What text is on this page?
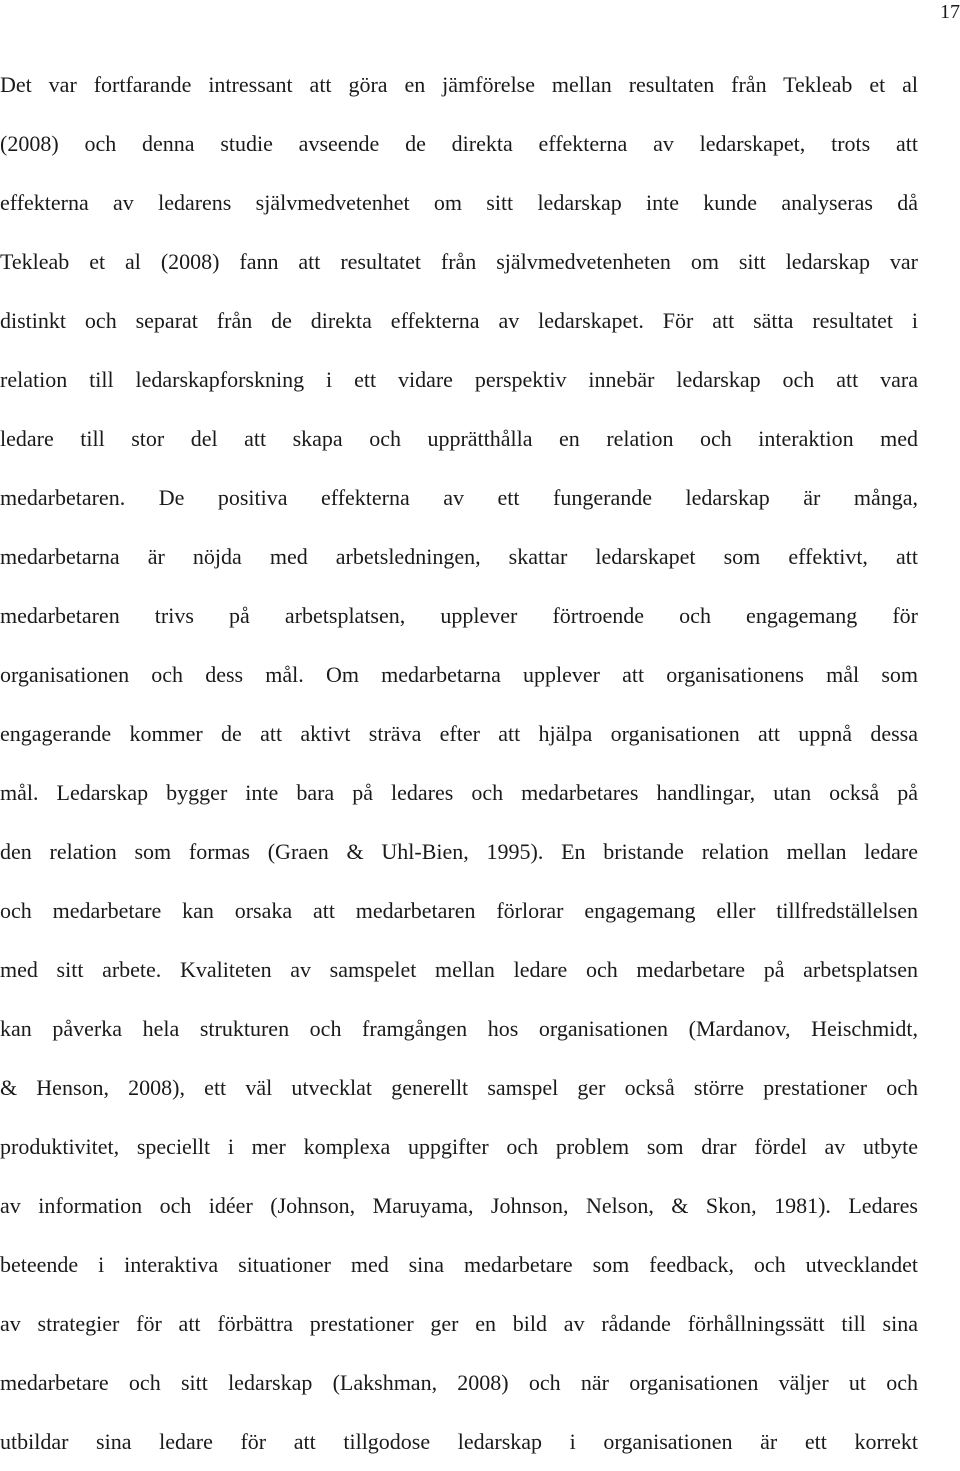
17
Det var fortfarande intressant att göra en jämförelse mellan resultaten från Tekleab et al
(2008) och denna studie avseende de direkta effekterna av ledarskapet, trots att
effekterna av ledarens självmedvetenhet om sitt ledarskap inte kunde analyseras då
Tekleab et al (2008) fann att resultatet från självmedvetenheten om sitt ledarskap var
distinkt och separat från de direkta effekterna av ledarskapet. För att sätta resultatet i
relation till ledarskapforskning i ett vidare perspektiv innebär ledarskap och att vara
ledare till stor del att skapa och upprätthålla en relation och interaktion med
medarbetaren. De positiva effekterna av ett fungerande ledarskap är många,
medarbetarna är nöjda med arbetsledningen, skattar ledarskapet som effektivt, att
medarbetaren trivs på arbetsplatsen, upplever förtroende och engagemang för
organisationen och dess mål. Om medarbetarna upplever att organisationens mål som
engagerande kommer de att aktivt sträva efter att hjälpa organisationen att uppnå dessa
mål. Ledarskap bygger inte bara på ledares och medarbetares handlingar, utan också på
den relation som formas (Graen & Uhl-Bien, 1995). En bristande relation mellan ledare
och medarbetare kan orsaka att medarbetaren förlorar engagemang eller tillfredställelsen
med sitt arbete. Kvaliteten av samspelet mellan ledare och medarbetare på arbetsplatsen
kan påverka hela strukturen och framgången hos organisationen (Mardanov, Heischmidt,
& Henson, 2008), ett väl utvecklat generellt samspel ger också större prestationer och
produktivitet, speciellt i mer komplexa uppgifter och problem som drar fördel av utbyte
av information och idéer (Johnson, Maruyama, Johnson, Nelson, & Skon, 1981). Ledares
beteende i interaktiva situationer med sina medarbetare som feedback, och utvecklandet
av strategier för att förbättra prestationer ger en bild av rådande förhållningssätt till sina
medarbetare och sitt ledarskap (Lakshman, 2008) och när organisationen väljer ut och
utbildar sina ledare för att tillgodose ledarskap i organisationen är ett korrekt
